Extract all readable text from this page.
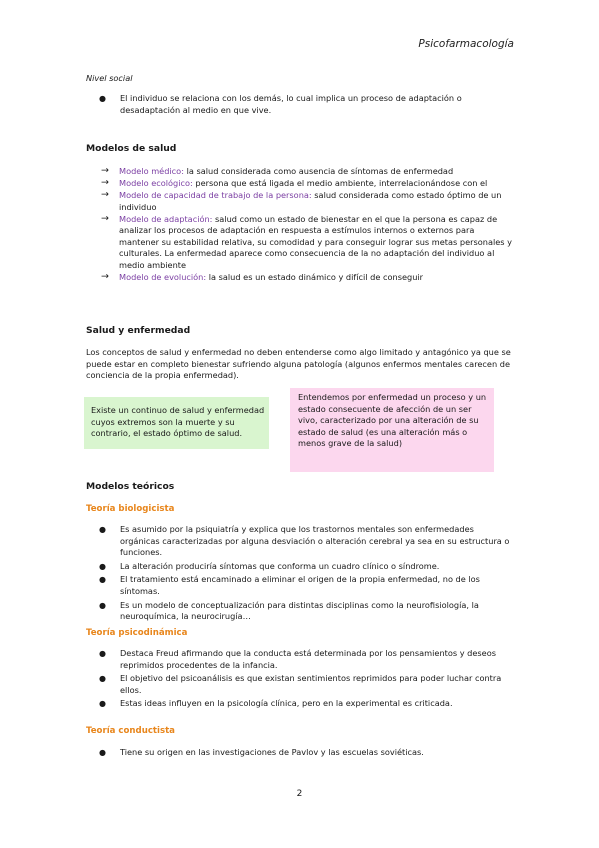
Psicofarmacología
Nivel social
● El individuo se relaciona con los demás, lo cual implica un proceso de adaptación o desadaptación al medio en que vive.
Modelos de salud
→ Modelo médico: la salud considerada como ausencia de síntomas de enfermedad
→ Modelo ecológico: persona que está ligada el medio ambiente, interrelacionándose con el
→ Modelo de capacidad de trabajo de la persona: salud considerada como estado óptimo de un individuo
→ Modelo de adaptación: salud como un estado de bienestar en el que la persona es capaz de analizar los procesos de adaptación en respuesta a estímulos internos o externos para mantener su estabilidad relativa, su comodidad y para conseguir lograr sus metas personales y culturales. La enfermedad aparece como consecuencia de la no adaptación del individuo al medio ambiente
→ Modelo de evolución: la salud es un estado dinámico y difícil de conseguir
Salud y enfermedad
Los conceptos de salud y enfermedad no deben entenderse como algo limitado y antagónico ya que se puede estar en completo bienestar sufriendo alguna patología (algunos enfermos mentales carecen de conciencia de la propia enfermedad).
Existe un continuo de salud y enfermedad cuyos extremos son la muerte y su contrario, el estado óptimo de salud.
Entendemos por enfermedad un proceso y un estado consecuente de afección de un ser vivo, caracterizado por una alteración de su estado de salud (es una alteración más o menos grave de la salud)
Modelos teóricos
Teoría biologicista
● Es asumido por la psiquiatría y explica que los trastornos mentales son enfermedades orgánicas caracterizadas por alguna desviación o alteración cerebral ya sea en su estructura o funciones.
● La alteración produciría síntomas que conforma un cuadro clínico o síndrome.
● El tratamiento está encaminado a eliminar el origen de la propia enfermedad, no de los síntomas.
● Es un modelo de conceptualización para distintas disciplinas como la neurofisiología, la neuroquímica, la neurocirugía…
Teoría psicodinámica
● Destaca Freud afirmando que la conducta está determinada por los pensamientos y deseos reprimidos procedentes de la infancia.
● El objetivo del psicoanálisis es que existan sentimientos reprimidos para poder luchar contra ellos.
● Estas ideas influyen en la psicología clínica, pero en la experimental es criticada.
Teoría conductista
● Tiene su origen en las investigaciones de Pavlov y las escuelas soviéticas.
2
